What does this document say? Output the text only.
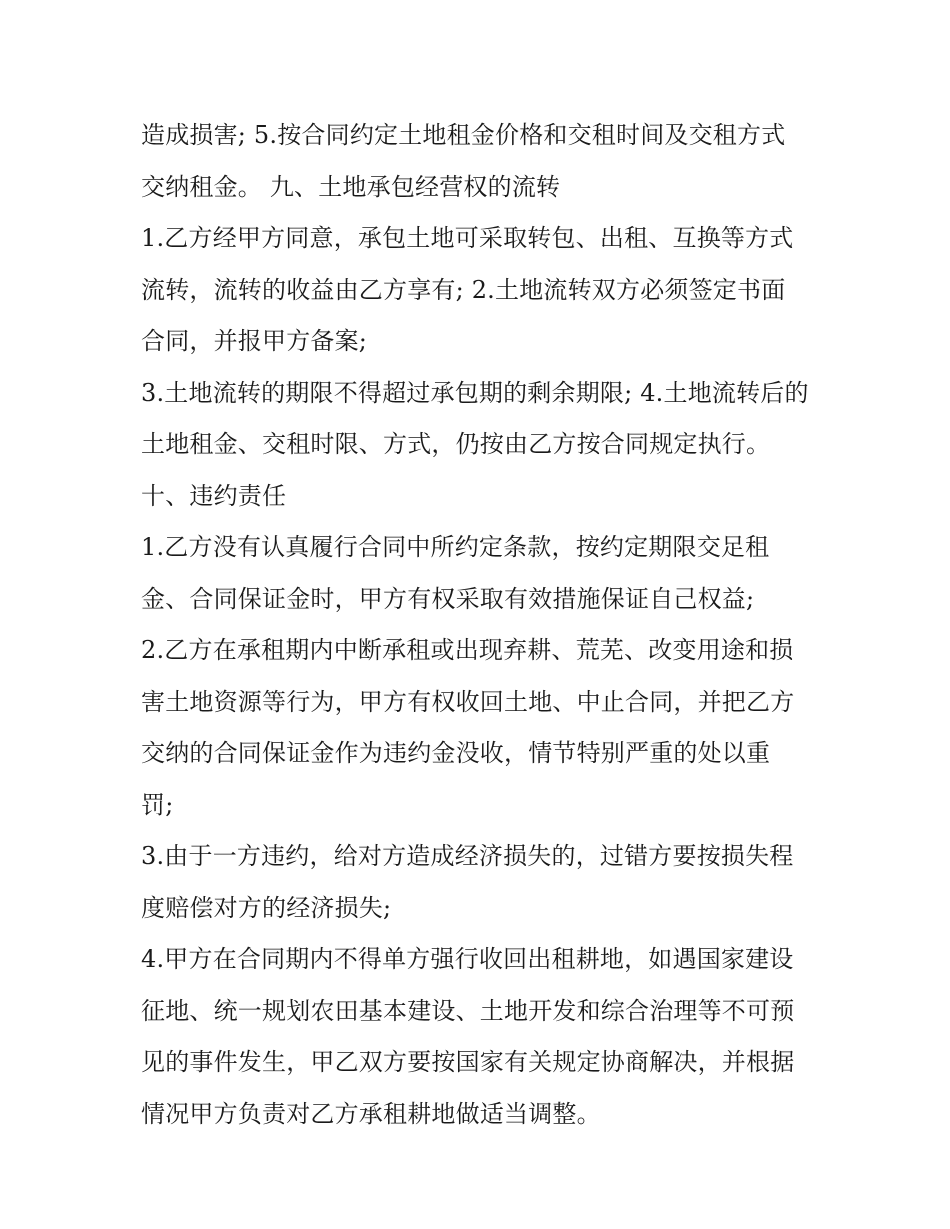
造成损害; 5.按合同约定土地租金价格和交租时间及交租方式
交纳租金。 九、土地承包经营权的流转
1.乙方经甲方同意，承包土地可采取转包、出租、互换等方式
流转，流转的收益由乙方享有; 2.土地流转双方必须签定书面
合同，并报甲方备案;
3.土地流转的期限不得超过承包期的剩余期限; 4.土地流转后的
土地租金、交租时限、方式，仍按由乙方按合同规定执行。
十、违约责任
1.乙方没有认真履行合同中所约定条款，按约定期限交足租
金、合同保证金时，甲方有权采取有效措施保证自己权益;
2.乙方在承租期内中断承租或出现弃耕、荒芜、改变用途和损
害土地资源等行为，甲方有权收回土地、中止合同，并把乙方
交纳的合同保证金作为违约金没收，情节特别严重的处以重
罚;
3.由于一方违约，给对方造成经济损失的，过错方要按损失程
度赔偿对方的经济损失;
4.甲方在合同期内不得单方强行收回出租耕地，如遇国家建设
征地、统一规划农田基本建设、土地开发和综合治理等不可预
见的事件发生，甲乙双方要按国家有关规定协商解决，并根据
情况甲方负责对乙方承租耕地做适当调整。
